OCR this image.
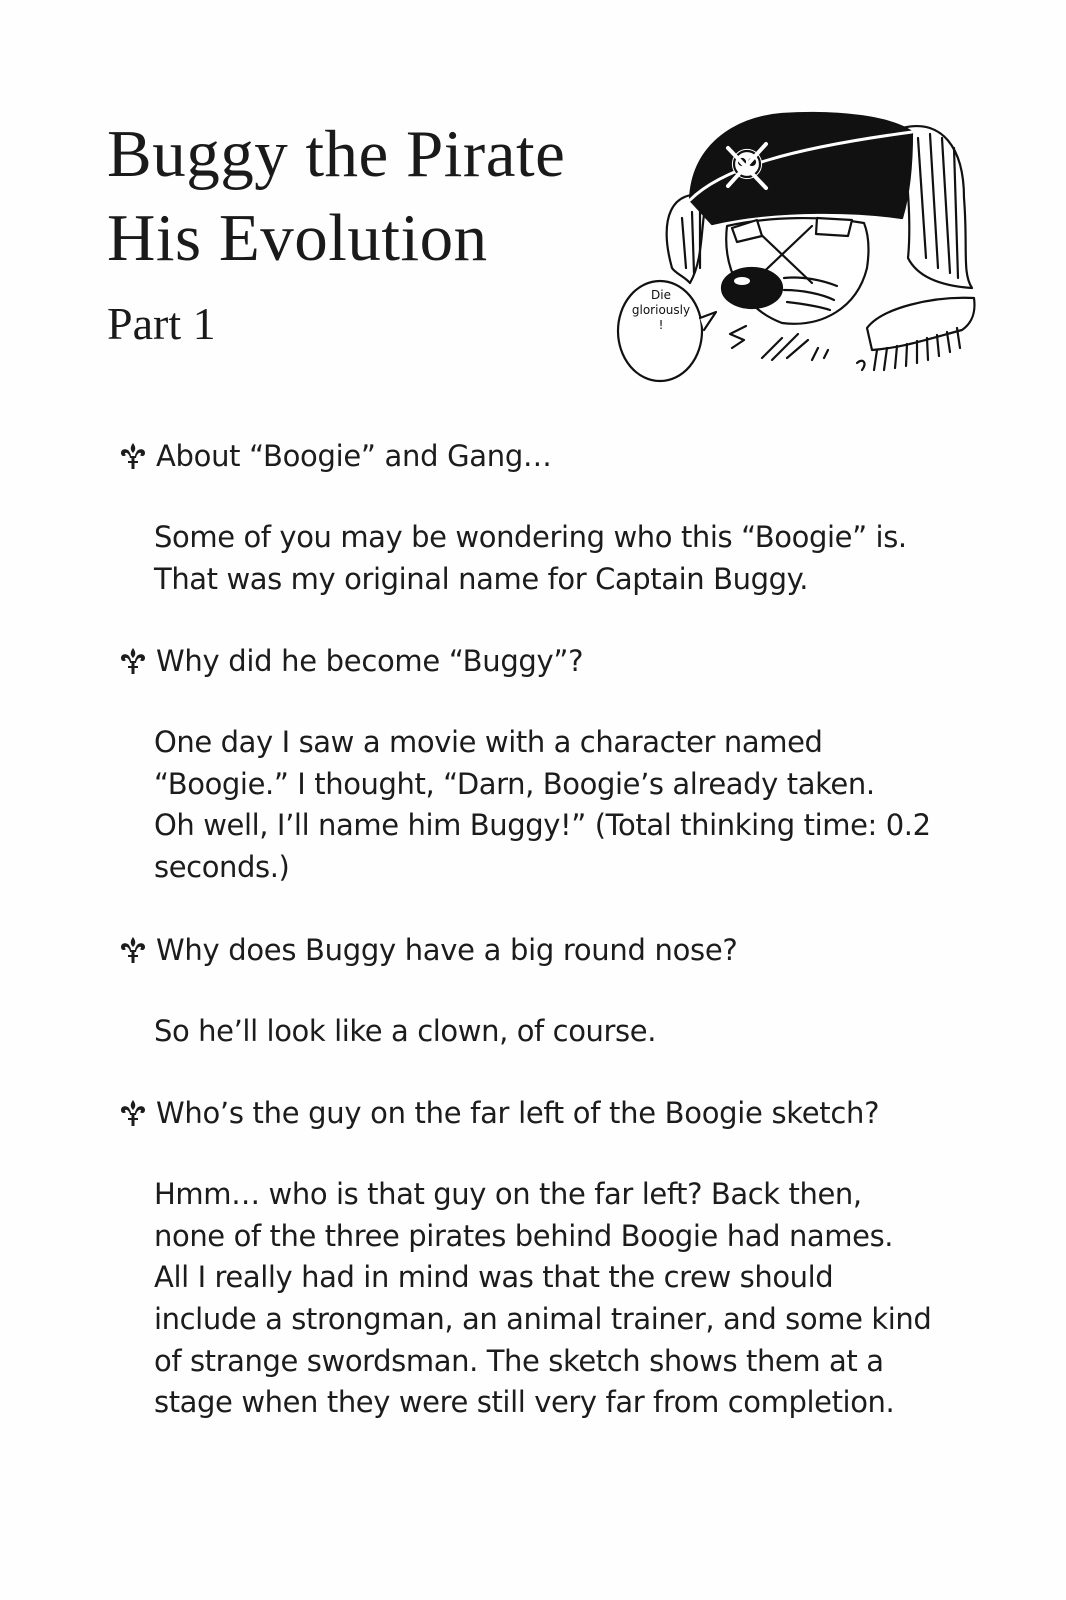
Buggy the Pirate
His Evolution
Part 1
Die
gloriously
!
About “Boogie” and Gang…
Some of you may be wondering who this “Boogie” is.
That was my original name for Captain Buggy.
Why did he become “Buggy”?
One day I saw a movie with a character named
“Boogie.” I thought, “Darn, Boogie’s already taken.
Oh well, I’ll name him Buggy!” (Total thinking time: 0.2
seconds.)
Why does Buggy have a big round nose?
So he’ll look like a clown, of course.
Who’s the guy on the far left of the Boogie sketch?
Hmm… who is that guy on the far left? Back then,
none of the three pirates behind Boogie had names.
All I really had in mind was that the crew should
include a strongman, an animal trainer, and some kind
of strange swordsman. The sketch shows them at a
stage when they were still very far from completion.
